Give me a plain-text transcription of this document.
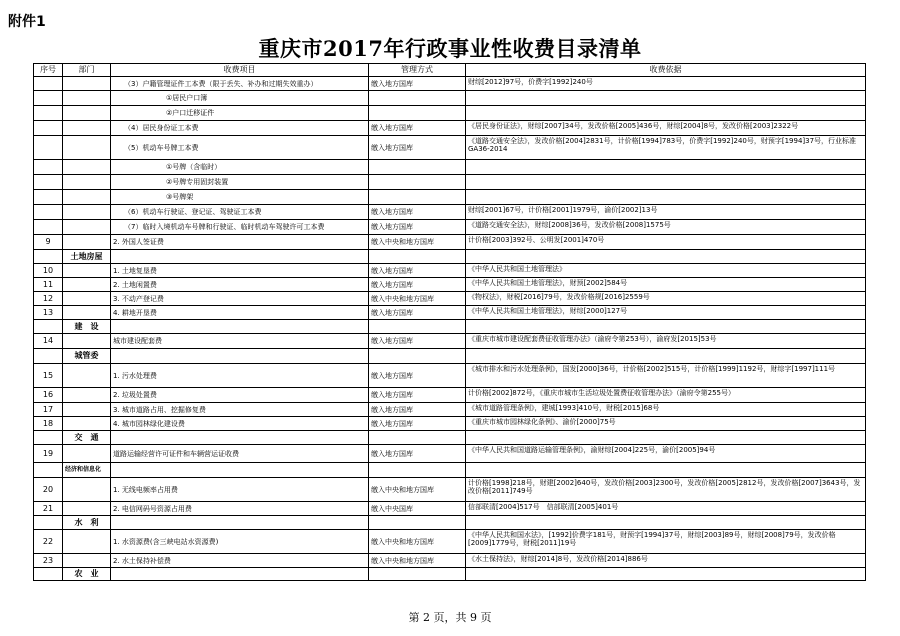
附件1
重庆市2017年行政事业性收费目录清单
序号	部门	收费项目	管理方式	收费依据
		（3）户籍管理证件工本费（限于丢失、补办和过期失效重办）	缴入地方国库	财综[2012]97号，价费字[1992]240号
		①居民户口簿		
		②户口迁移证件		
		（4）居民身份证工本费	缴入地方国库	《居民身份证法》，财综[2007]34号，发改价格[2005]436号，财综[2004]8号，发改价格[2003]2322号
		（5）机动车号牌工本费	缴入地方国库	《道路交通安全法》，发改价格[2004]2831号，计价格[1994]783号，价费字[1992]240号，财预字[1994]37号，行业标准GA36-2014
		①号牌（含临时）		
		②号牌专用固封装置		
		③号牌架		
		（6）机动车行驶证、登记证、驾驶证工本费	缴入地方国库	财综[2001]67号，计价格[2001]1979号，渝价[2002]13号
		（7）临时入境机动车号牌和行驶证、临时机动车驾驶许可工本费	缴入地方国库	《道路交通安全法》，财综[2008]36号，发改价格[2008]1575号
9		2. 外国人签证费	缴入中央和地方国库	计价格[2003]392号、公明发[2001]470号
	土地房屋			
10		1. 土地复垦费	缴入地方国库	《中华人民共和国土地管理法》
11		2. 土地闲置费	缴入地方国库	《中华人民共和国土地管理法》，财预[2002]584号
12		3. 不动产登记费	缴入中央和地方国库	《物权法》，财税[2016]79号，发改价格规[2016]2559号
13		4. 耕地开垦费	缴入地方国库	《中华人民共和国土地管理法》，财综[2000]127号
	建　设			
14		城市建设配套费	缴入地方国库	《重庆市城市建设配套费征收管理办法》（渝府令第253号），渝府发[2015]53号
	城管委			
15		1. 污水处理费	缴入地方国库	《城市排水和污水处理条例》，国发[2000]36号，计价格[2002]515号，计价格[1999]1192号，财综字[1997]111号
16		2. 垃圾处置费	缴入地方国库	计价格[2002]872号，《重庆市城市生活垃圾处置费征收管理办法》（渝府令第255号）
17		3. 城市道路占用、挖掘修复费	缴入地方国库	《城市道路管理条例》，建城[1993]410号，财税[2015]68号
18		4. 城市园林绿化建设费	缴入地方国库	《重庆市城市园林绿化条例》、渝价[2000]75号
	交　通			
19		道路运输经营许可证件和车辆营运证收费	缴入地方国库	《中华人民共和国道路运输管理条例》，渝财综[2004]225号，渝价[2005]94号
	经济和信息化			
20		1. 无线电频率占用费	缴入中央和地方国库	计价格[1998]218号，财建[2002]640号，发改价格[2003]2300号，发改价格[2005]2812号，发改价格[2007]3643号，发改价格[2011]749号
21		2. 电信网码号资源占用费	缴入中央国库	信部联清[2004]517号　信部联清[2005]401号
	水　利			
22		1. 水资源费(含三峡电站水资源费)	缴入中央和地方国库	《中华人民共和国水法》，[1992]价费字181号，财预字[1994]37号，财综[2003]89号，财综[2008]79号，发改价格[2009]1779号，财税[2011]19号
23		2. 水土保持补偿费	缴入中央和地方国库	《水土保持法》，财综[2014]8号，发改价格[2014]886号
	农　业			
第 2 页，共 9 页
